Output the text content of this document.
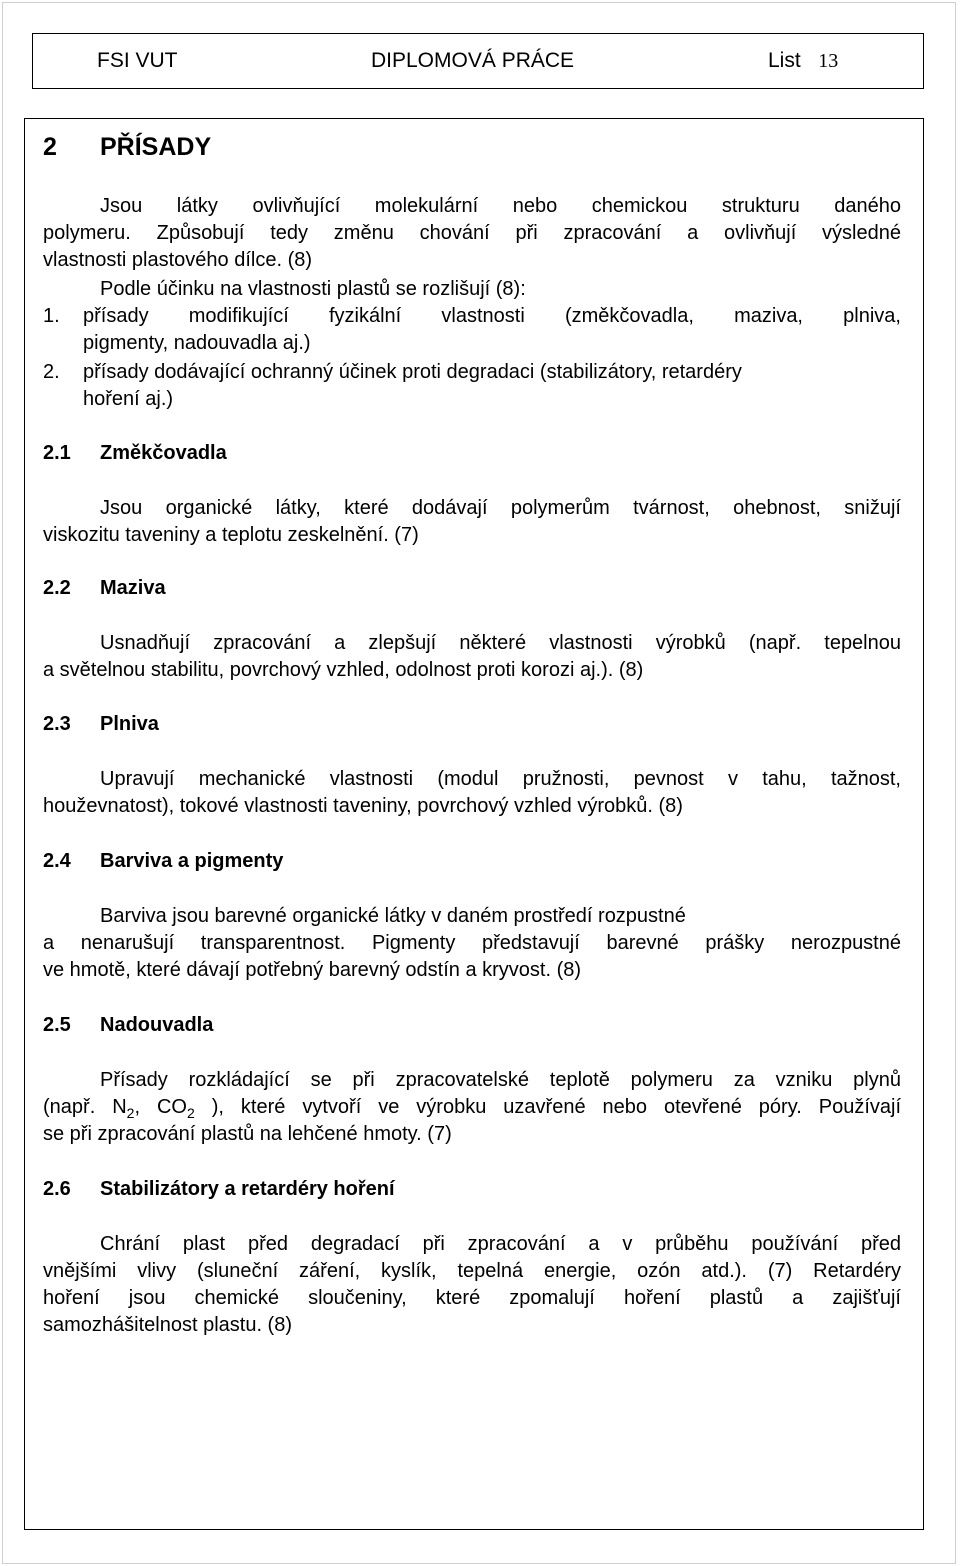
FSI VUT	DIPLOMOVÁ PRÁCE	List 13
2 PŘÍSADY
Jsou látky ovlivňující molekulární nebo chemickou strukturu daného
polymeru. Způsobují tedy změnu chování při zpracování a ovlivňují výsledné
vlastnosti plastového dílce. (8)
Podle účinku na vlastnosti plastů se rozlišují (8):
1.	přísady modifikující fyzikální vlastnosti (změkčovadla, maziva, plniva,
pigmenty, nadouvadla aj.)
2.	přísady dodávající ochranný účinek proti degradaci (stabilizátory, retardéry
hoření aj.)
2.1 Změkčovadla
Jsou organické látky, které dodávají polymerům tvárnost, ohebnost, snižují
viskozitu taveniny a teplotu zeskelnění. (7)
2.2 Maziva
Usnadňují zpracování a zlepšují některé vlastnosti výrobků (např. tepelnou
a světelnou stabilitu, povrchový vzhled, odolnost proti korozi aj.). (8)
2.3 Plniva
Upravují mechanické vlastnosti (modul pružnosti, pevnost v tahu, tažnost,
houževnatost), tokové vlastnosti taveniny, povrchový vzhled výrobků. (8)
2.4 Barviva a pigmenty
Barviva jsou barevné organické látky v daném prostředí rozpustné
a nenarušují transparentnost. Pigmenty představují barevné prášky nerozpustné
ve hmotě, které dávají potřebný barevný odstín a kryvost. (8)
2.5 Nadouvadla
Přísady rozkládající se při zpracovatelské teplotě polymeru za vzniku plynů
(např. $N_2$, $CO_2$ ), které vytvoří ve výrobku uzavřené nebo otevřené póry. Používají
se při zpracování plastů na lehčené hmoty. (7)
2.6 Stabilizátory a retardéry hoření
Chrání plast před degradací při zpracování a v průběhu používání před
vnějšími vlivy (sluneční záření, kyslík, tepelná energie, ozón atd.). (7) Retardéry
hoření jsou chemické sloučeniny, které zpomalují hoření plastů a zajišťují
samozhášitelnost plastu. (8)
